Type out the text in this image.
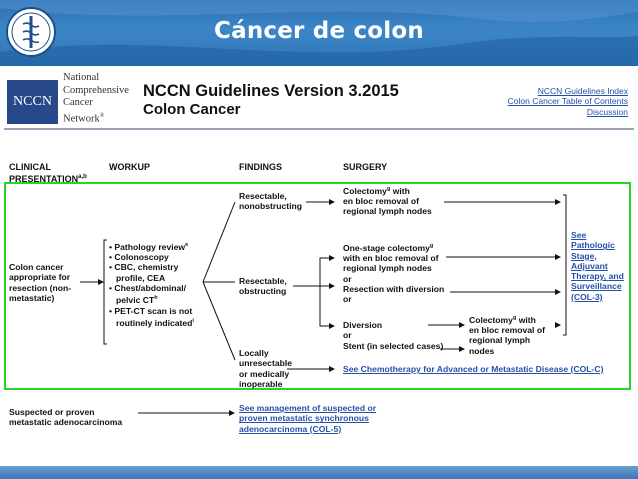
Cáncer de colon
NCCN
National
Comprehensive
Cancer
Network®
NCCN Guidelines Version 3.2015
Colon Cancer
NCCN Guidelines Index
Colon Cancer Table of Contents
Discussion
CLINICAL
PRESENTATION$^{a,b}$
WORKUP	FINDINGS	SURGERY
Colon cancer
appropriate for
resection (non-
metastatic)
• Pathology review$^e$
• Colonoscopy
• CBC, chemistry
profile, CEA
• Chest/abdominal/
pelvic $CT^h$
• PET-CT scan is not
routinely indicated$^i$
Resectable,
nonobstructing
Resectable,
obstructing
Locally
unresectable
or medically
inoperable
Colectomy$^g$ with
en bloc removal of
regional lymph nodes
One-stage colectomy$^g$
with en bloc removal of
regional lymph nodes
or
Resection with diversion
or
Diversion
or
Stent (in selected cases)
Colectomy$^g$ with
en bloc removal of
regional lymph
nodes
See
Pathologic
Stage,
Adjuvant
Therapy, and
Surveillance
(COL-3)
See Chemotherapy for Advanced or Metastatic Disease (COL-C)
Suspected or proven
metastatic adenocarcinoma
See management of suspected or
proven metastatic synchronous
adenocarcinoma (COL-5)
